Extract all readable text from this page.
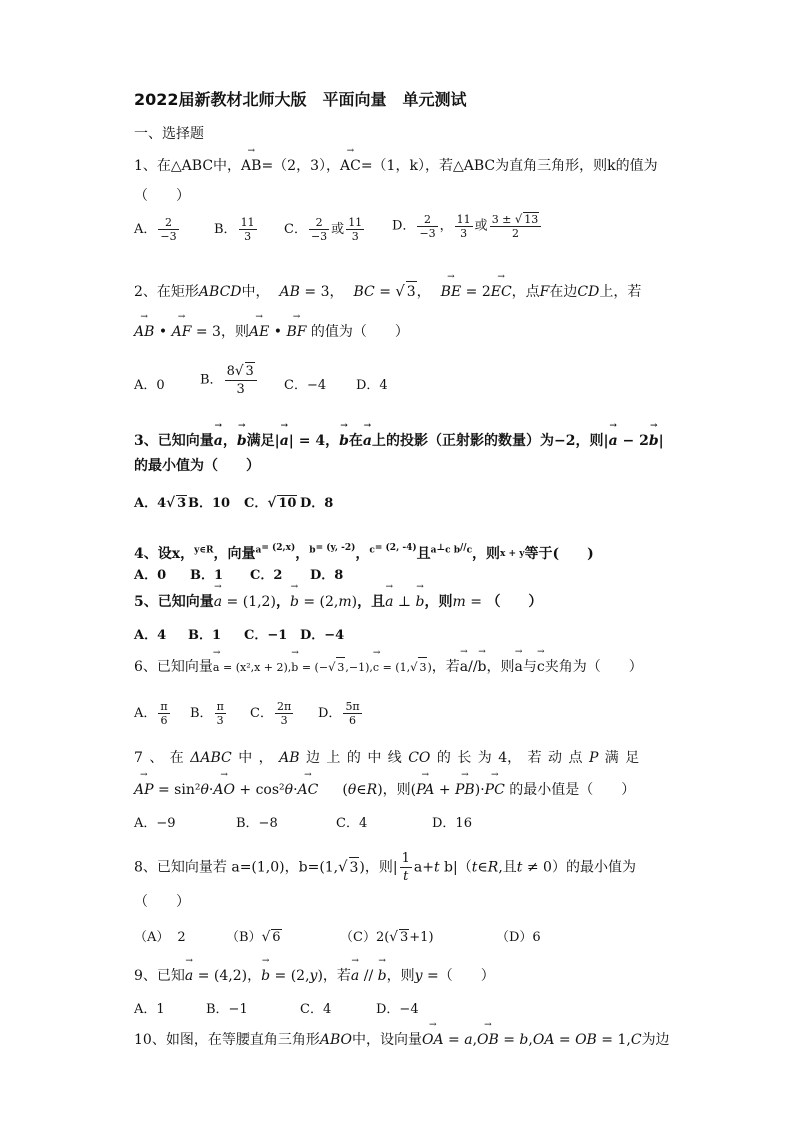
2022届新教材北师大版　平面向量　单元测试
一、选择题
1、在△ABC中，→ AB=（2，3），→ AC=（1，k），若△ABC为直角三角形，则k的值为
（　　）
A． $\frac{2}{-3}$	B． $\frac{11}{3}$ C． $\frac{2}{-3}$ 或 $\frac{11}{3}$ D． $\frac{2}{-3}$ ， $\frac{11}{3}$ 或 $\frac{3 \pm √ 13}{2}$
2、在矩形ABCD中， AB = 3， BC = √ 3，→ BE = 2→ EC，点F在边CD上，若
→ AB • → AF = 3，则→ AE • → BF 的值为（　　）
A．0	B． $\frac{8√ 3}{3}$ C．−4 D．4
3、已知向量→ a，→ b满足|→ a| = 4，→ b在→ a上的投影（正射影的数量）为−2，则|→ a − 2→ b|
的最小值为（　　）
A．4√ 3 B．10 C．√ 10 D．8
4、设x，$^{y\in R}$，向量$^{a= (2,x)}$，$^{b= (y, -2)}$，$^{c= (2, -4)}$且$^{a\perp c b//c}$，则x + y等于(　　)
A．0 B．1 C．2 D．8
5、已知向量→ a = (1,2)，→ b = (2,m)，且→ a ⊥ → b，则m = （　　）
A．4 B．1 C．−1 D．−4
6、已知向量→ a = (x²,x + 2),→ b = (−√ 3,−1),→ c = (1,√ 3)，若→ a//→ b，则→ a与→ c夹角为（　　）
A． $\frac{\pi}{6}$ B． $\frac{\pi}{3}$ C． $\frac{2\pi}{3}$ D． $\frac{5\pi}{6}$
7 、 在 ΔABC 中 ， AB 边 上 的 中 线 CO 的 长 为 4， 若 动 点 P 满 足
→ AP = sin²θ·→ AO + cos²θ·→ AC (θ∈R)，则(→ PA + → PB)·→ PC 的最小值是（　　）
A．−9	B．−8	C．4	D．16
8、已知向量若 a=(1,0)，b=(1,√ 3)，则| $\frac{1}{t} a+t$ b|（t∈R,且t ≠ 0）的最小值为
（　　）
（A） 2	（B）√ 6	（C）2(√ 3+1)	（D）6
9、已知→ a = (4,2)，→ b = (2,y)，若→ a // → b，则y =（　　）
A．1	B．−1	C．4	D．−4
10、如图，在等腰直角三角形ABO中，设向量→ OA = a,→ OB = b,OA = OB = 1,C为边
